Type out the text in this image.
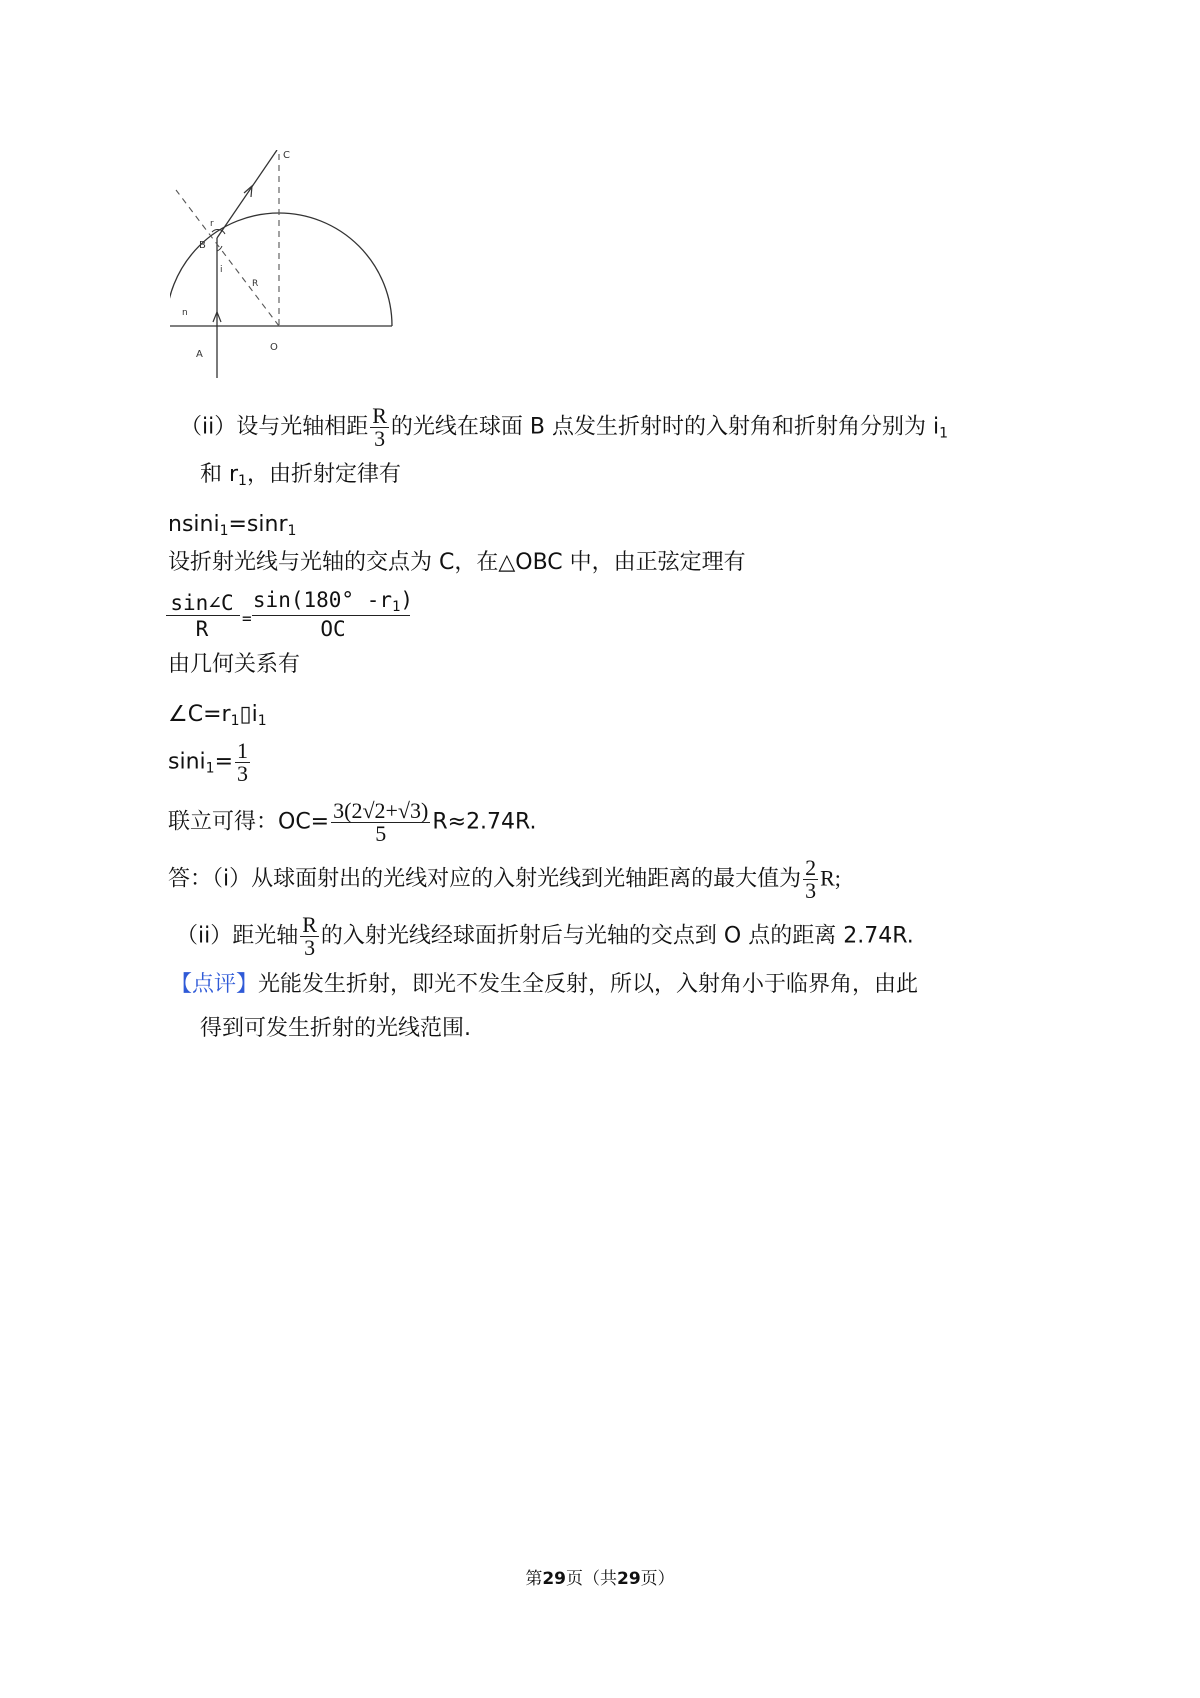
C
r
B
i
R
n
A
O
（ii）设与光轴相距 $\frac{R}{3}$ 的光线在球面 B 点发生折射时的入射角和折射角分别为 $i_1$
和 $r_1$，由折射定律有
nsini$_1$=sinr$_1$
设折射光线与光轴的交点为 C，在△OBC 中，由正弦定理有
sin∠C sin(180° $-r_1$)
=
R	OC
由几何关系有
$\angle C=r_1▯i_1$
$\sin i_1= \frac{1}{3}$
联立可得：$OC= \frac{3(2√2+√3)}{5} R\approx 2.74R$.
答：（i）从球面射出的光线对应的入射光线到光轴距离的最大值为 $\frac{2}{3} R$;
（ii）距光轴 $\frac{R}{3}$ 的入射光线经球面折射后与光轴的交点到 O 点的距离 2.74R.
【点评】光能发生折射，即光不发生全反射，所以，入射角小于临界角，由此
得到可发生折射的光线范围.
第29页（共29页）
